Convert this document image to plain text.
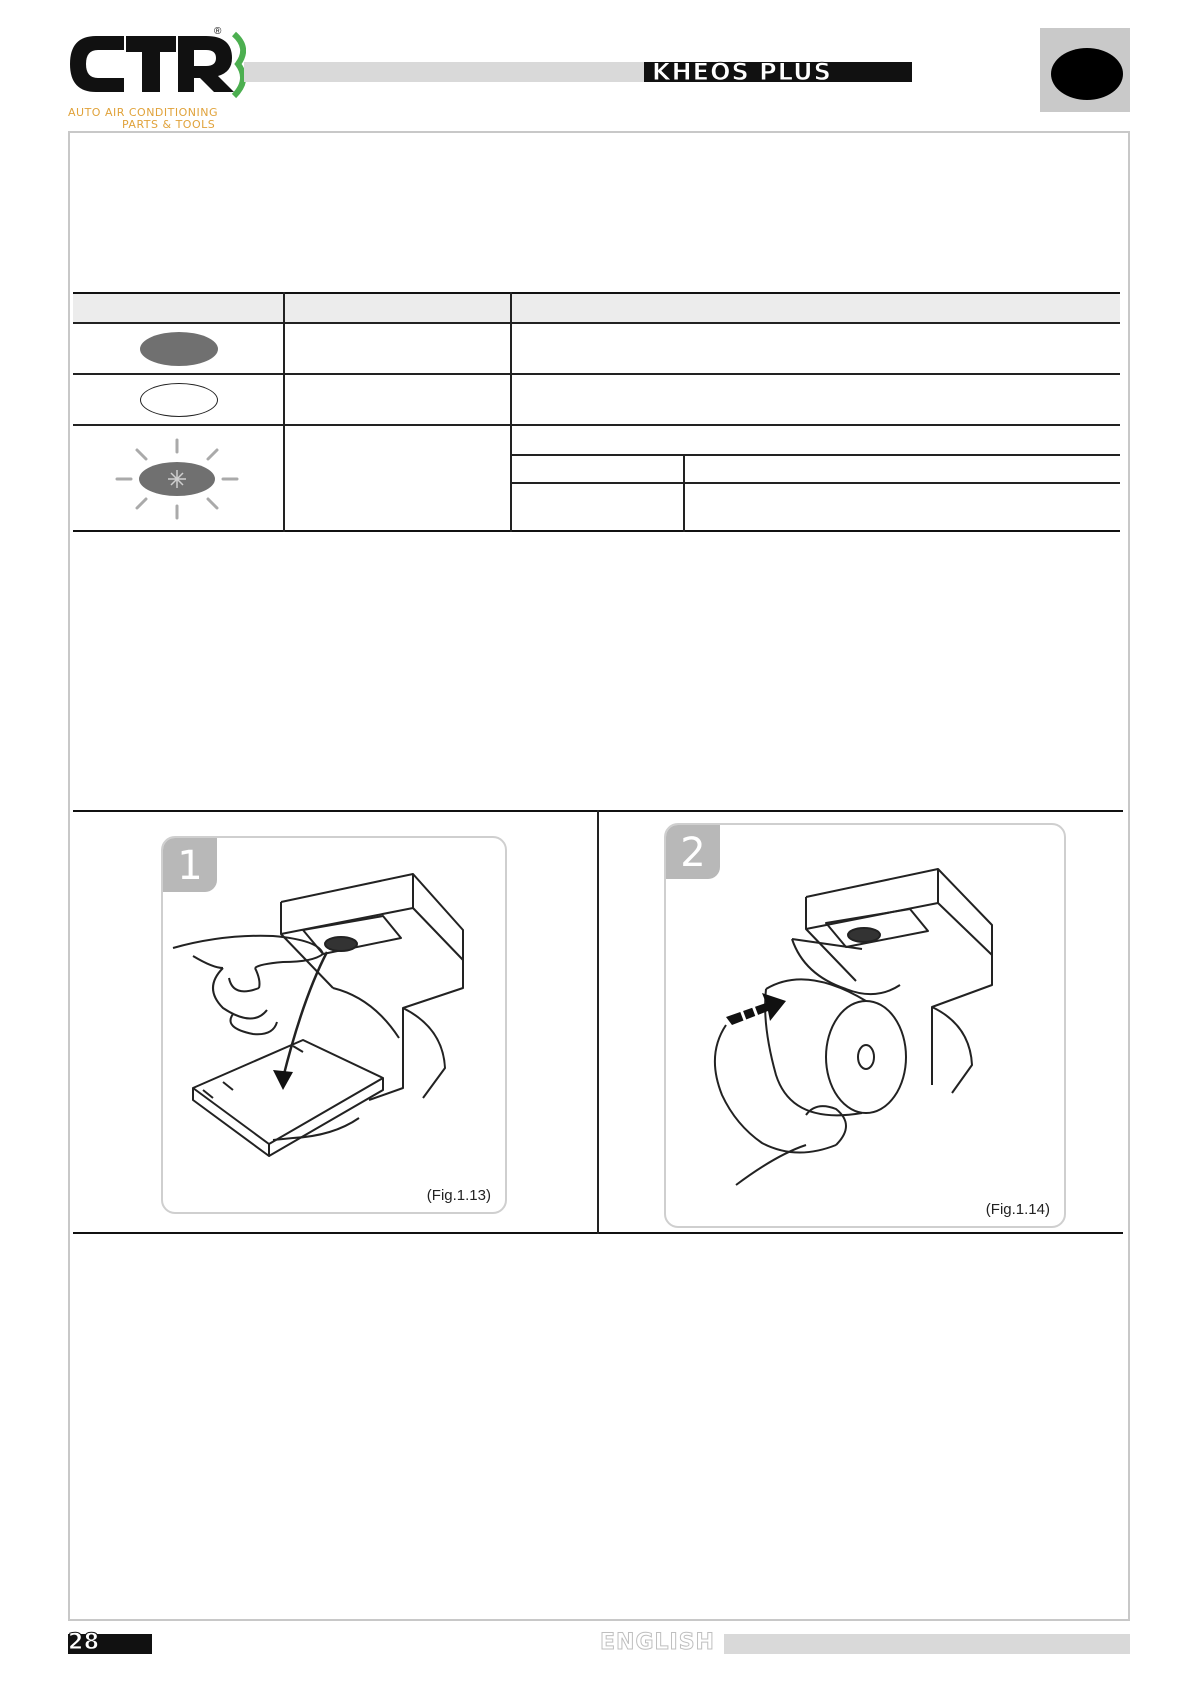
®
AUTO AIR CONDITIONING
PARTS & TOOLS
KHEOS PLUS
1
(Fig.1.13)
2
(Fig.1.14)
28	ENGLISH
